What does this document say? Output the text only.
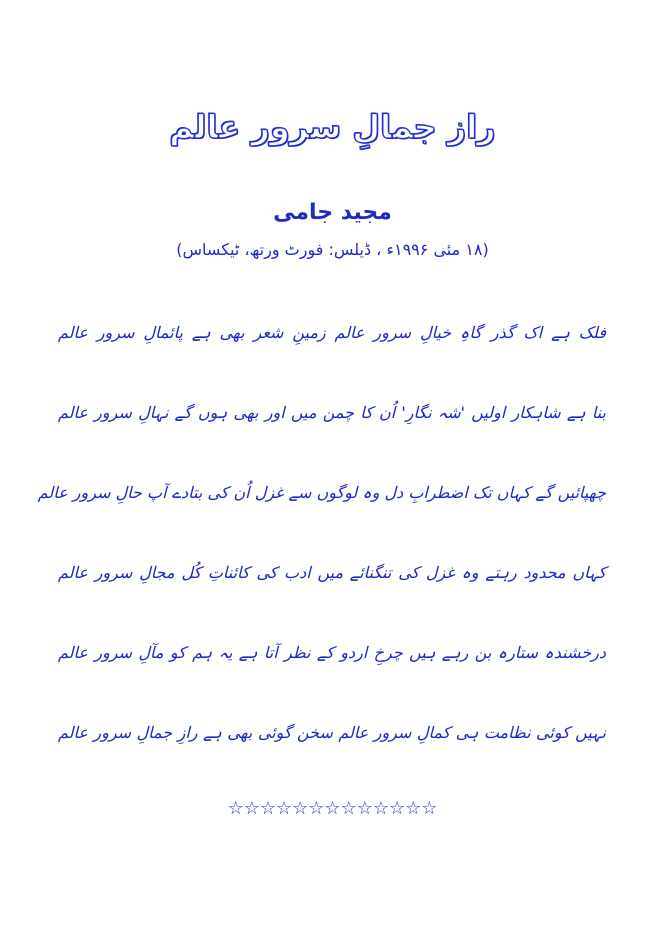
راز جمالِ سرور عالم
مجید جامی
(۱۸ مئی ۱۹۹۶ء ، ڈیلس: فورٹ ورتھ، ٹیکساس)
فلک ہے اک گذر گاہِ خیالِ سرور عالم زمینِ شعر بھی ہے پائمالِ سرور عالم
بنا ہے شاہکار اولیں 'شہ نگارِ' اُن کا چمن میں اور بھی ہوں گے نہالِ سرور عالم
چھپائیں گے کہاں تک اضطرابِ دل وہ لوگوں سے غزل اُن کی بتادے آپ حالِ سرور عالم
کہاں محدود رہتے وہ غزل کی تنگنائے میں ادب کی کائناتِ کُل مجالِ سرور عالم
درخشندہ ستارہ بن رہے ہیں چرخِ اردو کے نظر آتا ہے یہ ہم کو مآلِ سرور عالم
نہیں کوئی نظامت ہی کمالِ سرور عالم سخن گوئی بھی ہے رازِ جمالِ سرور عالم
☆☆☆☆☆☆☆☆☆☆☆☆☆
